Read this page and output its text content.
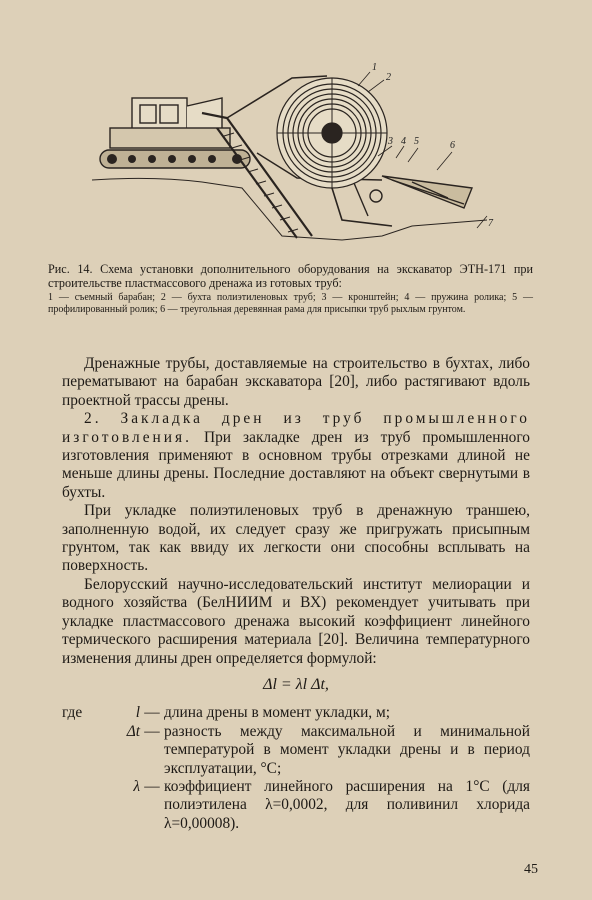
1
2
3 4 5	6
7
Рис. 14. Схема установки дополнительного оборудования на экскаватор ЭТН-171 при строительстве пластмассового дренажа из готовых труб:
1 — съемный барабан; 2 — бухта полиэтиленовых труб; 3 — кронштейн; 4 — пружина ролика; 5 — профилированный ролик; 6 — треугольная деревянная рама для присыпки труб рыхлым грунтом.

Дренажные трубы, доставляемые на строительство в бухтах, либо перематывают на барабан экскаватора [20], либо растягивают вдоль проектной трассы дрены.

2. Закладка дрен из труб промышленного изготовления. При закладке дрен из труб промышленного изготовления применяют в основном трубы отрезками длиной не меньше длины дрены. Последние доставляют на объект свернутыми в бухты.

При укладке полиэтиленовых труб в дренажную траншею, заполненную водой, их следует сразу же пригружать присыпным грунтом, так как ввиду их легкости они способны всплывать на поверхность.

Белорусский научно-исследовательский институт мелиорации и водного хозяйства (БелНИИМ и ВХ) рекомендует учитывать при укладке пластмассового дренажа высокий коэффициент линейного термического расширения материала [20]. Величина температурного изменения длины дрен определяется формулой:

Δl = λl Δt,
где	l — длина дрены в момент укладки, м;
Δt — разность между максимальной и минимальной температурой в момент укладки дрены и в период эксплуатации, °С;
λ — коэффициент линейного расширения на 1°С (для полиэтилена λ=0,0002, для поливинил хлорида λ=0,00008).
45
